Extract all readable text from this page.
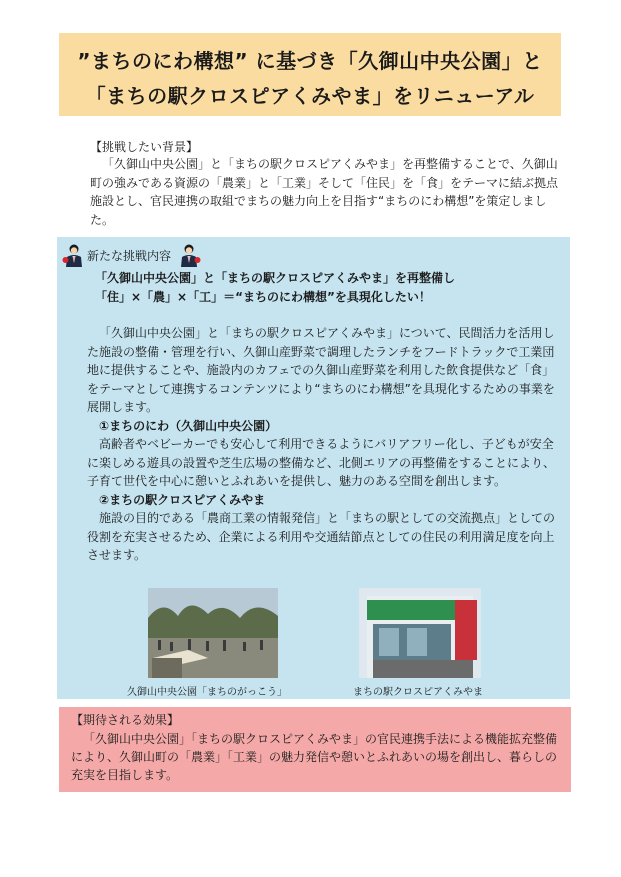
”まちのにわ構想” に基づき「久御山中央公園」と
「まちの駅クロスピアくみやま」をリニューアル
【挑戦したい背景】

「久御山中央公園」と「まちの駅クロスピアくみやま」を再整備することで、久御山町の強みである資源の「農業」と「工業」そして「住民」を「食」をテーマに結ぶ拠点施設とし、官民連携の取組でまちの魅力向上を目指す“まちのにわ構想”を策定しました。

新たな挑戦内容
「久御山中央公園」と「まちの駅クロスピアくみやま」を再整備し
「住」×「農」×「工」＝“まちのにわ構想”を具現化したい！

「久御山中央公園」と「まちの駅クロスピアくみやま」について、民間活力を活用した施設の整備・管理を行い、久御山産野菜で調理したランチをフードトラックで工業団地に提供することや、施設内のカフェでの久御山産野菜を利用した飲食提供など「食」をテーマとして連携するコンテンツにより“まちのにわ構想”を具現化するための事業を展開します。

①まちのにわ（久御山中央公園）

高齢者やベビーカーでも安心して利用できるようにバリアフリー化し、子どもが安全に楽しめる遊具の設置や芝生広場の整備など、北側エリアの再整備をすることにより、子育て世代を中心に憩いとふれあいを提供し、魅力のある空間を創出します。

②まちの駅クロスピアくみやま

施設の目的である「農商工業の情報発信」と「まちの駅としての交流拠点」としての役割を充実させるため、企業による利用や交通結節点としての住民の利用満足度を向上させます。

久御山中央公園「まちのがっこう」	まちの駅クロスピアくみやま
【期待される効果】

「久御山中央公園」「まちの駅クロスピアくみやま」の官民連携手法による機能拡充整備により、久御山町の「農業」「工業」の魅力発信や憩いとふれあいの場を創出し、暮らしの充実を目指します。
